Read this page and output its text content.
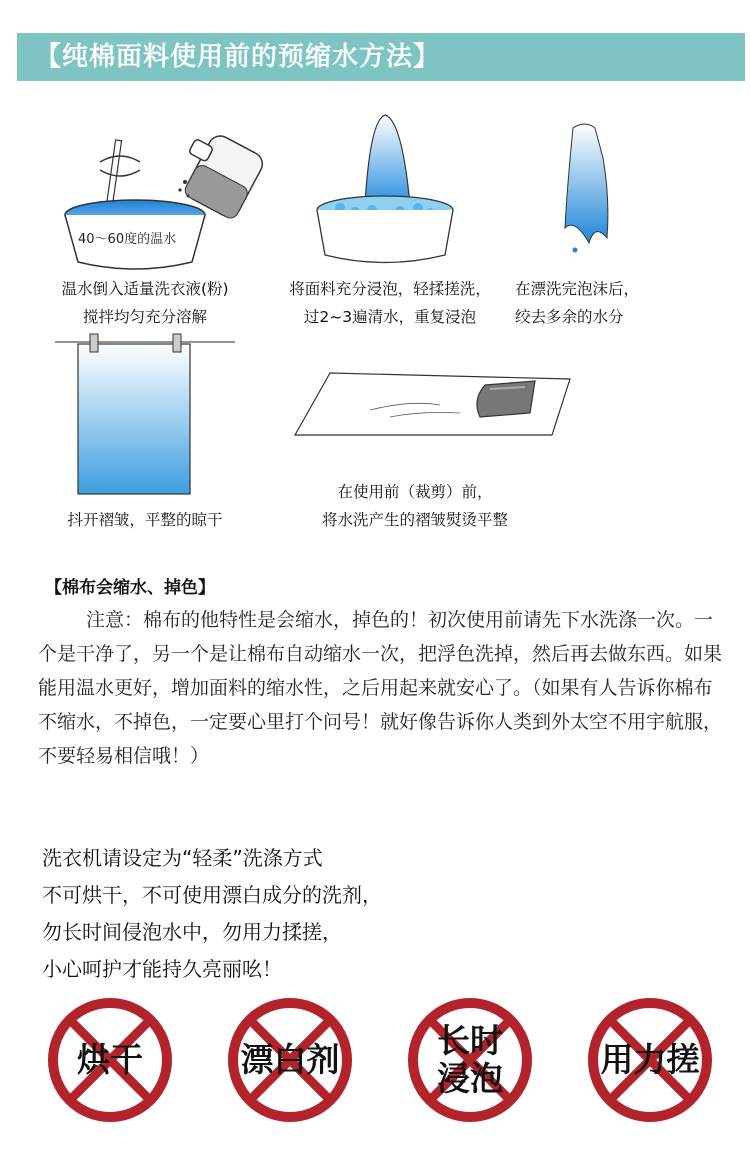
【纯棉面料使用前的预缩水方法】
40～60度的温水
温水倒入适量洗衣液(粉)
搅拌均匀充分溶解
将面料充分浸泡，轻揉搓洗，
过2~3遍清水，重复浸泡
在漂洗完泡沫后，
绞去多余的水分
抖开褶皱，平整的晾干
在使用前（裁剪）前，
将水洗产生的褶皱熨烫平整
【棉布会缩水、掉色】
注意：棉布的他特性是会缩水，掉色的！初次使用前请先下水洗涤一次。一个是干净了，另一个是让棉布自动缩水一次，把浮色洗掉，然后再去做东西。如果能用温水更好，增加面料的缩水性，之后用起来就安心了。（如果有人告诉你棉布不缩水，不掉色，一定要心里打个问号！就好像告诉你人类到外太空不用宇航服，不要轻易相信哦！）
洗衣机请设定为“轻柔”洗涤方式
不可烘干，不可使用漂白成分的洗剂，
勿长时间侵泡水中，勿用力揉搓，
小心呵护才能持久亮丽吆！
烘干	漂白剂	长时
浸泡	用力搓
